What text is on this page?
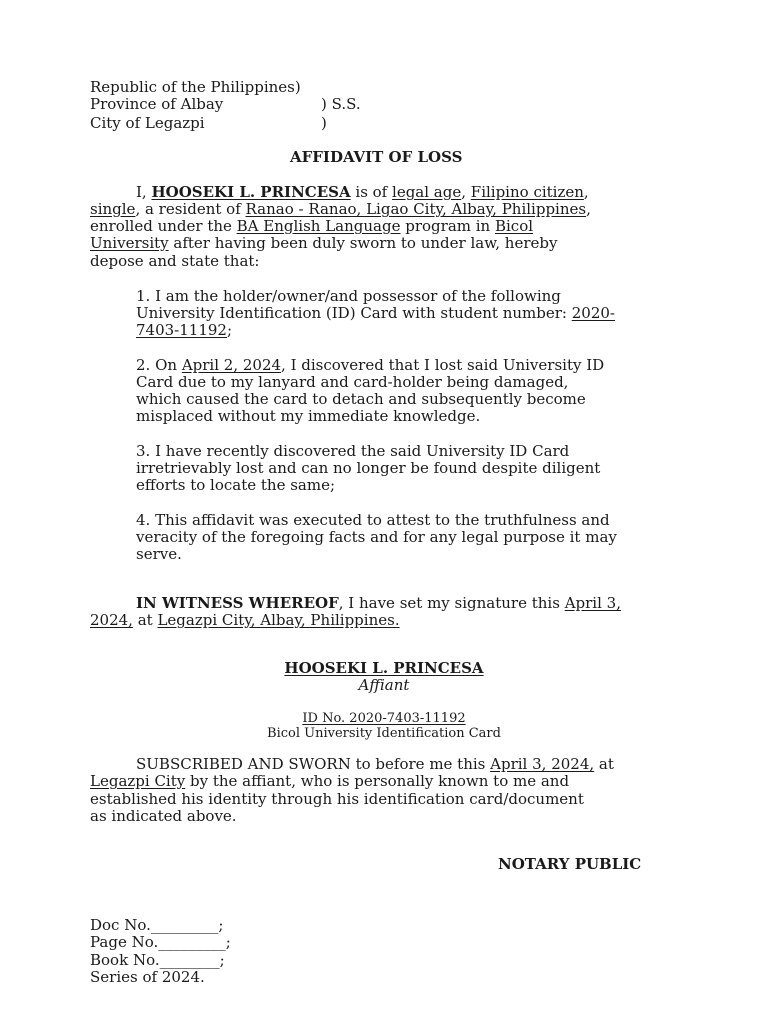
Republic of the Philippines)
Province of Albay	) S.S.
City of Legazpi	)
AFFIDAVIT OF LOSS
I, HOOSEKI L. PRINCESA is of legal age, Filipino citizen,
single, a resident of Ranao - Ranao, Ligao City, Albay, Philippines,
enrolled under the BA English Language program in Bicol
University after having been duly sworn to under law, hereby
depose and state that:
1. I am the holder/owner/and possessor of the following
University Identification (ID) Card with student number: 2020-
7403-11192;
2. On April 2, 2024, I discovered that I lost said University ID
Card due to my lanyard and card-holder being damaged,
which caused the card to detach and subsequently become
misplaced without my immediate knowledge.
3. I have recently discovered the said University ID Card
irretrievably lost and can no longer be found despite diligent
efforts to locate the same;
4. This affidavit was executed to attest to the truthfulness and
veracity of the foregoing facts and for any legal purpose it may
serve.
IN WITNESS WHEREOF, I have set my signature this April 3,
2024, at Legazpi City, Albay, Philippines.
HOOSEKI L. PRINCESA
Affiant
ID No. 2020-7403-11192
Bicol University Identification Card
SUBSCRIBED AND SWORN to before me this April 3, 2024, at
Legazpi City by the affiant, who is personally known to me and
established his identity through his identification card/document
as indicated above.
NOTARY PUBLIC
Doc No._________;
Page No._________;
Book No.________;
Series of 2024.
